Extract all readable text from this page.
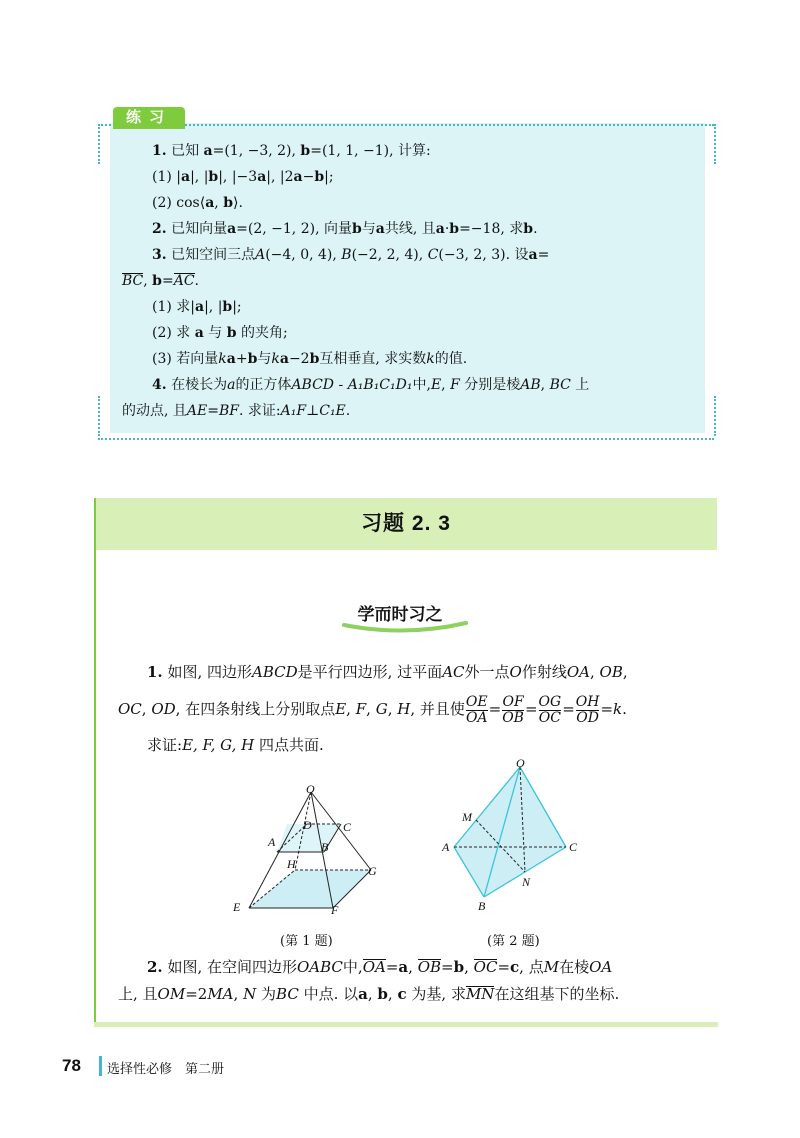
练习
1. 已知 a=(1, −3, 2), b=(1, 1, −1), 计算:
(1) |a|, |b|, |−3a|, |2a−b|;
(2) cos⟨a, b⟩.
2. 已知向量a=(2, −1, 2), 向量b与a共线, 且a·b=−18, 求b.
3. 已知空间三点A(−4, 0, 4), B(−2, 2, 4), C(−3, 2, 3). 设a=
BC, b=AC.
(1) 求|a|, |b|;
(2) 求 a 与 b 的夹角;
(3) 若向量ka+b与ka−2b互相垂直, 求实数k的值.
4. 在棱长为a的正方体ABCD - A₁B₁C₁D₁中,E, F 分别是棱AB, BC 上
的动点, 且AE=BF. 求证:A₁F⊥C₁E.
习题 2. 3
学而时习之
1. 如图, 四边形ABCD是平行四边形, 过平面AC外一点O作射线OA, OB,
OC, OD, 在四条射线上分别取点E, F, G, H, 并且使 $\frac{OE}{OA} = \frac{OF}{OB} = \frac{OG}{OC} = \frac{OH}{OD} =k$.
求证:E, F, G, H 四点共面.
O
D	C
A	B
H	G
E	F
(第 1 题)
O
M
A	C
N
B
(第 2 题)
2. 如图, 在空间四边形OABC中,OA=a, OB=b, OC=c, 点M在棱OA
上, 且OM=2MA, N 为BC 中点. 以a, b, c 为基, 求MN在这组基下的坐标.
78 选择性必修　第二册
